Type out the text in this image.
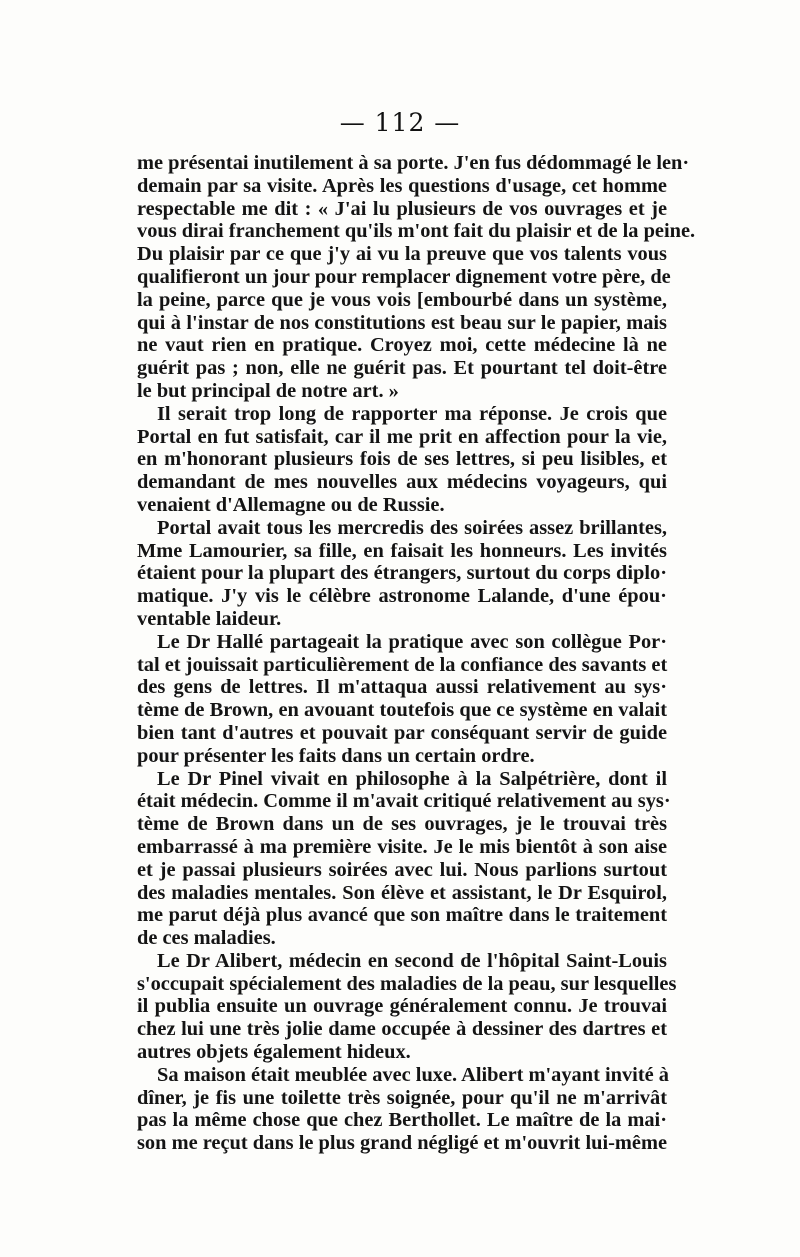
— 112 —
me présentai inutilement à sa porte. J'en fus dédommagé le len·
demain par sa visite. Après les questions d'usage, cet homme
respectable me dit : « J'ai lu plusieurs de vos ouvrages et je
vous dirai franchement qu'ils m'ont fait du plaisir et de la peine.
Du plaisir par ce que j'y ai vu la preuve que vos talents vous
qualifieront un jour pour remplacer dignement votre père, de
la peine, parce que je vous vois [embourbé dans un système,
qui à l'instar de nos constitutions est beau sur le papier, mais
ne vaut rien en pratique. Croyez moi, cette médecine là ne
guérit pas ; non, elle ne guérit pas. Et pourtant tel doit-être
le but principal de notre art. »
Il serait trop long de rapporter ma réponse. Je crois que
Portal en fut satisfait, car il me prit en affection pour la vie,
en m'honorant plusieurs fois de ses lettres, si peu lisibles, et
demandant de mes nouvelles aux médecins voyageurs, qui
venaient d'Allemagne ou de Russie.
Portal avait tous les mercredis des soirées assez brillantes,
Mme Lamourier, sa fille, en faisait les honneurs. Les invités
étaient pour la plupart des étrangers, surtout du corps diplo·
matique. J'y vis le célèbre astronome Lalande, d'une épou·
ventable laideur.
Le Dr Hallé partageait la pratique avec son collègue Por·
tal et jouissait particulièrement de la confiance des savants et
des gens de lettres. Il m'attaqua aussi relativement au sys·
tème de Brown, en avouant toutefois que ce système en valait
bien tant d'autres et pouvait par conséquant servir de guide
pour présenter les faits dans un certain ordre.
Le Dr Pinel vivait en philosophe à la Salpétrière, dont il
était médecin. Comme il m'avait critiqué relativement au sys·
tème de Brown dans un de ses ouvrages, je le trouvai très
embarrassé à ma première visite. Je le mis bientôt à son aise
et je passai plusieurs soirées avec lui. Nous parlions surtout
des maladies mentales. Son élève et assistant, le Dr Esquirol,
me parut déjà plus avancé que son maître dans le traitement
de ces maladies.
Le Dr Alibert, médecin en second de l'hôpital Saint-Louis
s'occupait spécialement des maladies de la peau, sur lesquelles
il publia ensuite un ouvrage généralement connu. Je trouvai
chez lui une très jolie dame occupée à dessiner des dartres et
autres objets également hideux.
Sa maison était meublée avec luxe. Alibert m'ayant invité à
dîner, je fis une toilette très soignée, pour qu'il ne m'arrivât
pas la même chose que chez Berthollet. Le maître de la mai·
son me reçut dans le plus grand négligé et m'ouvrit lui-même
